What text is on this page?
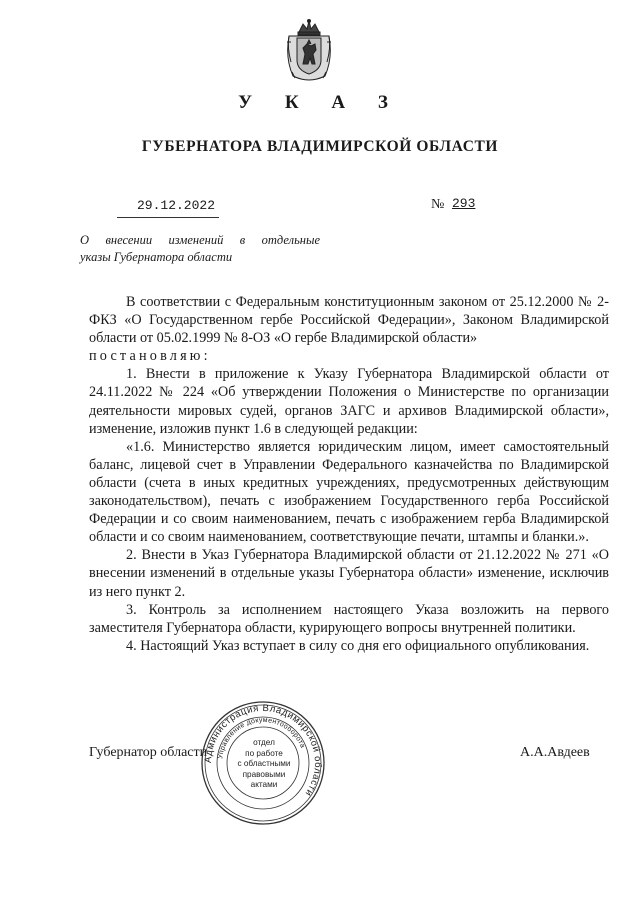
У К А З
ГУБЕРНАТОРА ВЛАДИМИРСКОЙ ОБЛАСТИ
29.12.2022	№ 293
О внесении изменений в отдельные
указы Губернатора области

В соответствии с Федеральным конституционным законом от 25.12.2000 № 2-ФКЗ «О Государственном гербе Российской Федерации», Законом Владимирской области от 05.02.1999 № 8-ОЗ «О гербе Владимирской области»

постановляю:

1. Внести в приложение к Указу Губернатора Владимирской области от 24.11.2022 № 224 «Об утверждении Положения о Министерстве по организации деятельности мировых судей, органов ЗАГС и архивов Владимирской области», изменение, изложив пункт 1.6 в следующей редакции:

«1.6. Министерство является юридическим лицом, имеет самостоятельный баланс, лицевой счет в Управлении Федерального казначейства по Владимирской области (счета в иных кредитных учреждениях, предусмотренных действующим законодательством), печать с изображением Государственного герба Российской Федерации и со своим наименованием, печать с изображением герба Владимирской области и со своим наименованием, соответствующие печати, штампы и бланки.».

2. Внести в Указ Губернатора Владимирской области от 21.12.2022 № 271 «О внесении изменений в отдельные указы Губернатора области» изменение, исключив из него пункт 2.

3. Контроль за исполнением настоящего Указа возложить на первого заместителя Губернатора области, курирующего вопросы внутренней политики.

4. Настоящий Указ вступает в силу со дня его официального опубликования.

Губернатор области	А.А.Авдеев
Администрация Владимирской области
Управление документооборота
отдел
по работе
с областными
правовыми
актами
